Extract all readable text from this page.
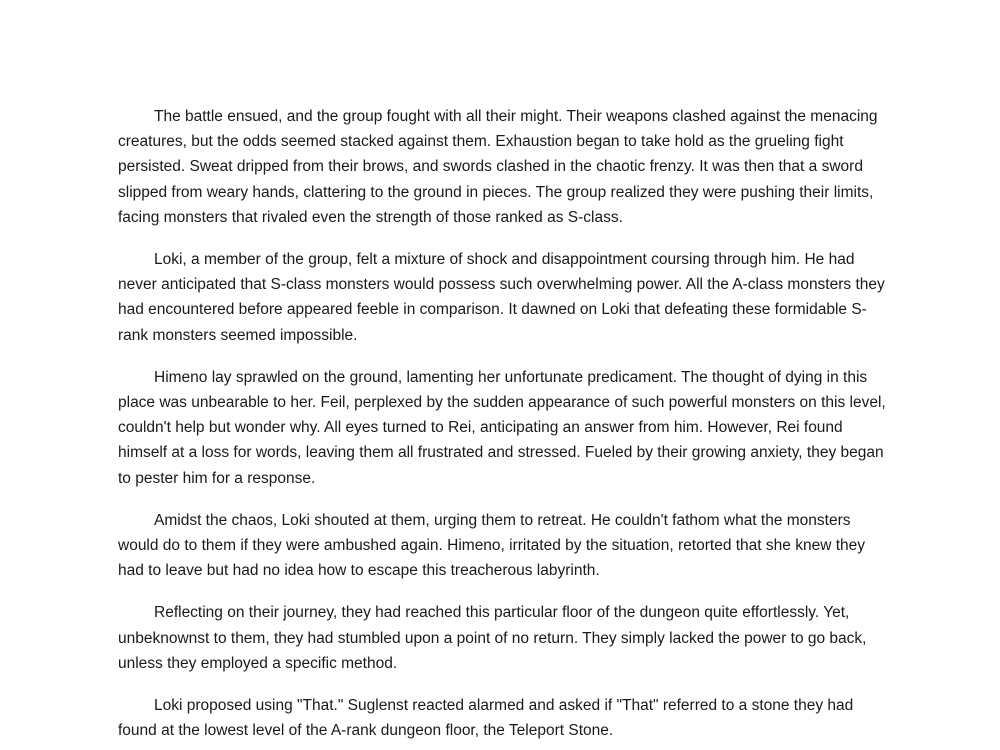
The battle ensued, and the group fought with all their might. Their weapons clashed against the menacing creatures, but the odds seemed stacked against them. Exhaustion began to take hold as the grueling fight persisted. Sweat dripped from their brows, and swords clashed in the chaotic frenzy. It was then that a sword slipped from weary hands, clattering to the ground in pieces. The group realized they were pushing their limits, facing monsters that rivaled even the strength of those ranked as S-class.

Loki, a member of the group, felt a mixture of shock and disappointment coursing through him. He had never anticipated that S-class monsters would possess such overwhelming power. All the A-class monsters they had encountered before appeared feeble in comparison. It dawned on Loki that defeating these formidable S-rank monsters seemed impossible.

Himeno lay sprawled on the ground, lamenting her unfortunate predicament. The thought of dying in this place was unbearable to her. Feil, perplexed by the sudden appearance of such powerful monsters on this level, couldn't help but wonder why. All eyes turned to Rei, anticipating an answer from him. However, Rei found himself at a loss for words, leaving them all frustrated and stressed. Fueled by their growing anxiety, they began to pester him for a response.

Amidst the chaos, Loki shouted at them, urging them to retreat. He couldn't fathom what the monsters would do to them if they were ambushed again. Himeno, irritated by the situation, retorted that she knew they had to leave but had no idea how to escape this treacherous labyrinth.

Reflecting on their journey, they had reached this particular floor of the dungeon quite effortlessly. Yet, unbeknownst to them, they had stumbled upon a point of no return. They simply lacked the power to go back, unless they employed a specific method.

Loki proposed using "That." Suglenst reacted alarmed and asked if "That" referred to a stone they had found at the lowest level of the A-rank dungeon floor, the Teleport Stone.
